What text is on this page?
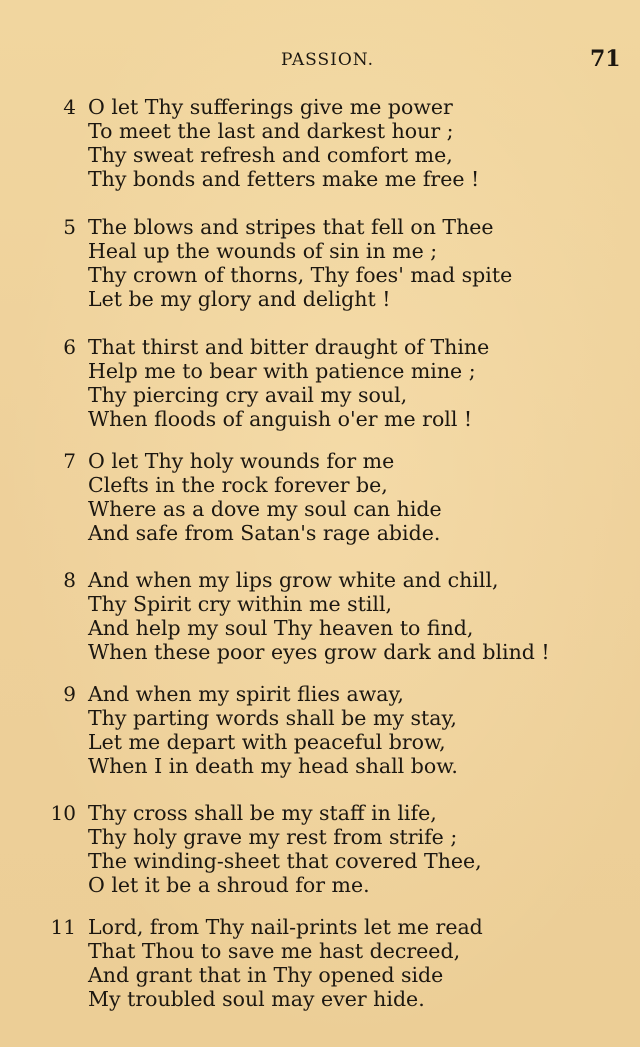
PASSION.	71
4 O let Thy sufferings give me power
To meet the last and darkest hour ;
Thy sweat refresh and comfort me,
Thy bonds and fetters make me free !
5 The blows and stripes that fell on Thee
Heal up the wounds of sin in me ;
Thy crown of thorns, Thy foes' mad spite
Let be my glory and delight !
6 That thirst and bitter draught of Thine
Help me to bear with patience mine ;
Thy piercing cry avail my soul,
When floods of anguish o'er me roll !
7 O let Thy holy wounds for me
Clefts in the rock forever be,
Where as a dove my soul can hide
And safe from Satan's rage abide.
8 And when my lips grow white and chill,
Thy Spirit cry within me still,
And help my soul Thy heaven to find,
When these poor eyes grow dark and blind !
9 And when my spirit flies away,
Thy parting words shall be my stay,
Let me depart with peaceful brow,
When I in death my head shall bow.
10 Thy cross shall be my staff in life,
Thy holy grave my rest from strife ;
The winding-sheet that covered Thee,
O let it be a shroud for me.
11 Lord, from Thy nail-prints let me read
That Thou to save me hast decreed,
And grant that in Thy opened side
My troubled soul may ever hide.
